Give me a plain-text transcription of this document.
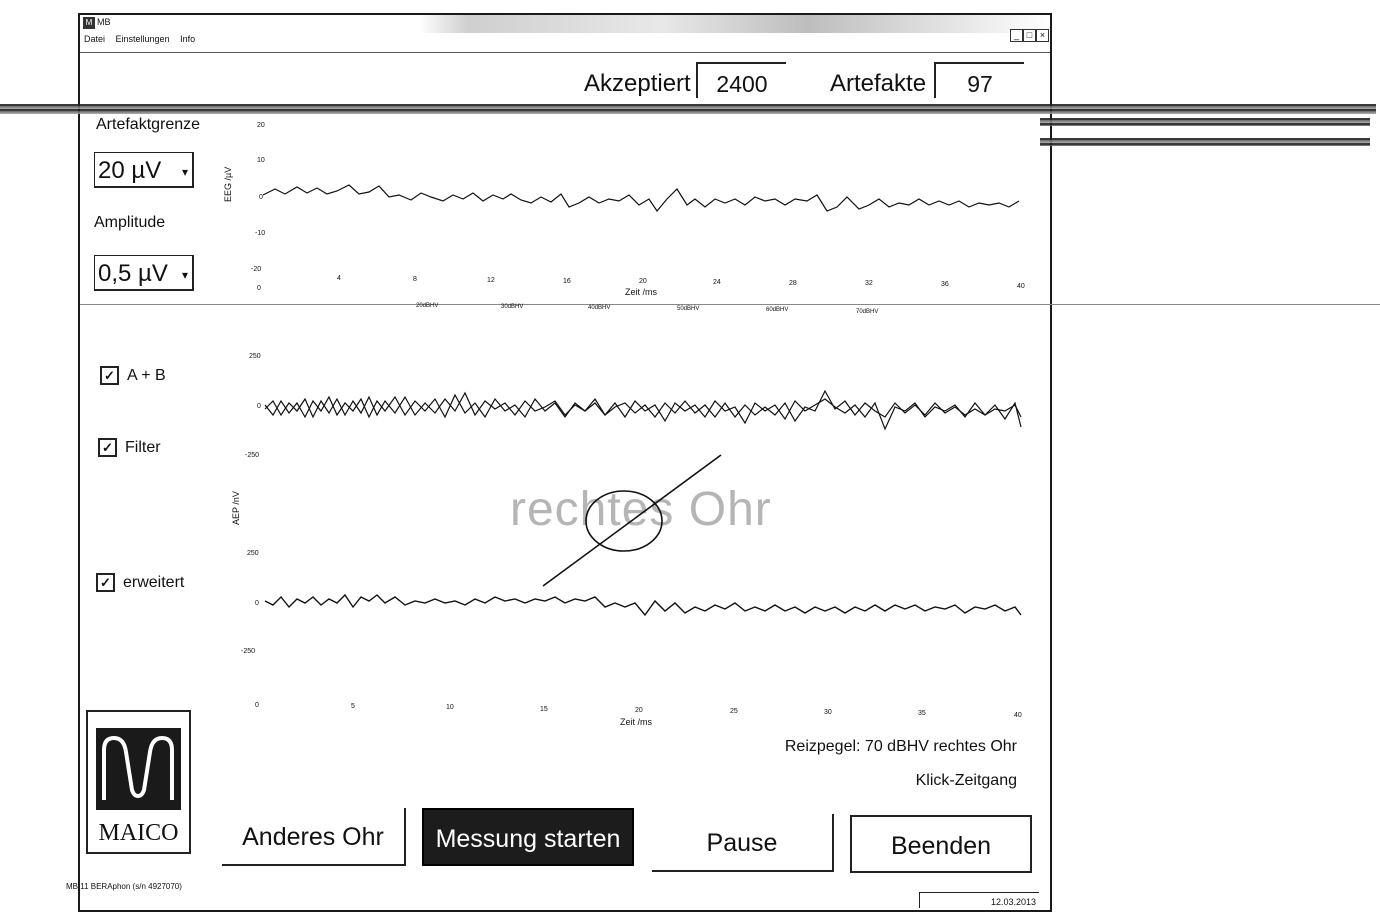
M MB
_ □ ×
Datei Einstellungen Info
Akzeptiert	2400	Artefakte	97
Artefaktgrenze
20 µV ▾
Amplitude
0,5 µV ▾
EEG /µV
20
10
0
-10
-20
0
4	8	12	16	20	24	28	32	36	40
Zeit /ms
20dBHV	30dBHV	40dBHV	50dBHV	60dBHV	70dBHV
✓ A + B
✓ Filter
✓ erweitert
rechtes Ohr
AEP /nV
250
0
-250
250
0
-250
0	5	10	15	20	25	30	35	40
Zeit /ms
Reizpegel: 70 dBHV rechtes Ohr
Klick-Zeitgang
MAICO	Anderes Ohr	Messung starten	Pause	Beenden
MB 11 BERAphon (s/n 4927070)
12.03.2013
